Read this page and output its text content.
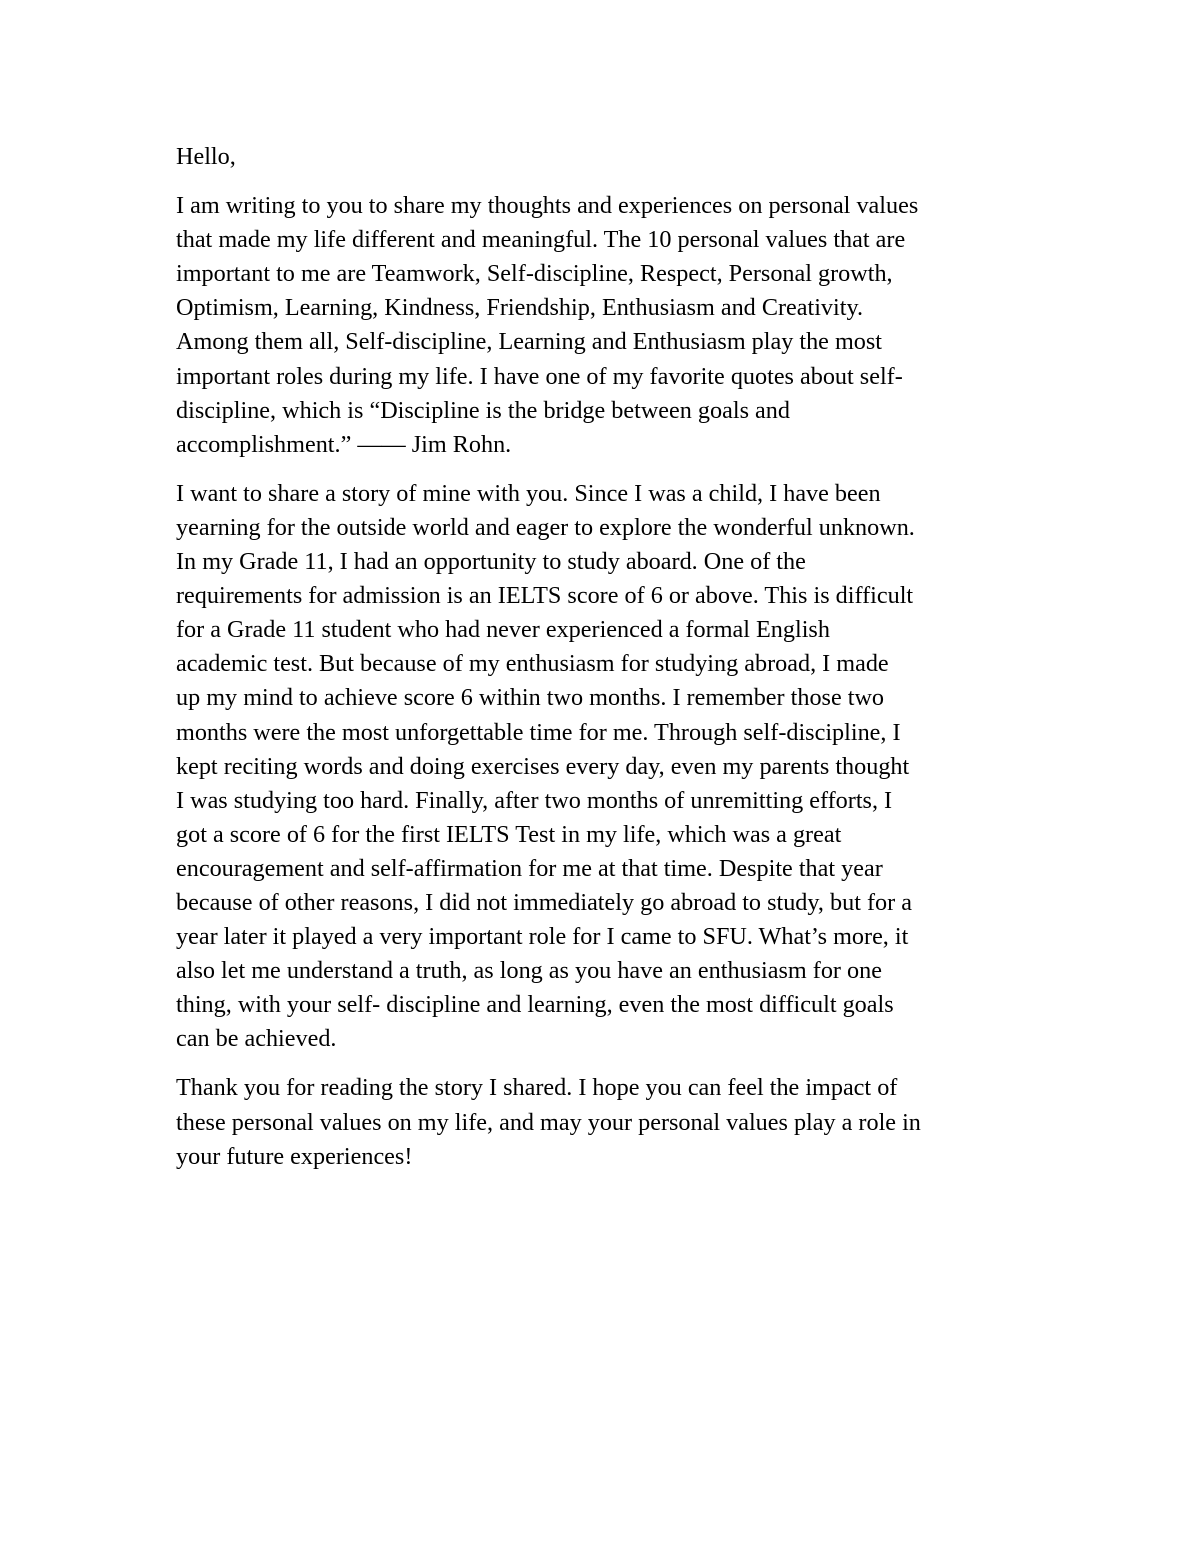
Hello,

I am writing to you to share my thoughts and experiences on personal values
that made my life different and meaningful. The 10 personal values that are
important to me are Teamwork, Self-discipline, Respect, Personal growth,
Optimism, Learning, Kindness, Friendship, Enthusiasm and Creativity.
Among them all, Self-discipline, Learning and Enthusiasm play the most
important roles during my life. I have one of my favorite quotes about self-
discipline, which is “Discipline is the bridge between goals and
accomplishment.” —— Jim Rohn.

I want to share a story of mine with you. Since I was a child, I have been
yearning for the outside world and eager to explore the wonderful unknown.
In my Grade 11, I had an opportunity to study aboard. One of the
requirements for admission is an IELTS score of 6 or above. This is difficult
for a Grade 11 student who had never experienced a formal English
academic test. But because of my enthusiasm for studying abroad, I made
up my mind to achieve score 6 within two months. I remember those two
months were the most unforgettable time for me. Through self-discipline, I
kept reciting words and doing exercises every day, even my parents thought
I was studying too hard. Finally, after two months of unremitting efforts, I
got a score of 6 for the first IELTS Test in my life, which was a great
encouragement and self-affirmation for me at that time. Despite that year
because of other reasons, I did not immediately go abroad to study, but for a
year later it played a very important role for I came to SFU. What’s more, it
also let me understand a truth, as long as you have an enthusiasm for one
thing, with your self- discipline and learning, even the most difficult goals
can be achieved.

Thank you for reading the story I shared. I hope you can feel the impact of
these personal values on my life, and may your personal values play a role in
your future experiences!
